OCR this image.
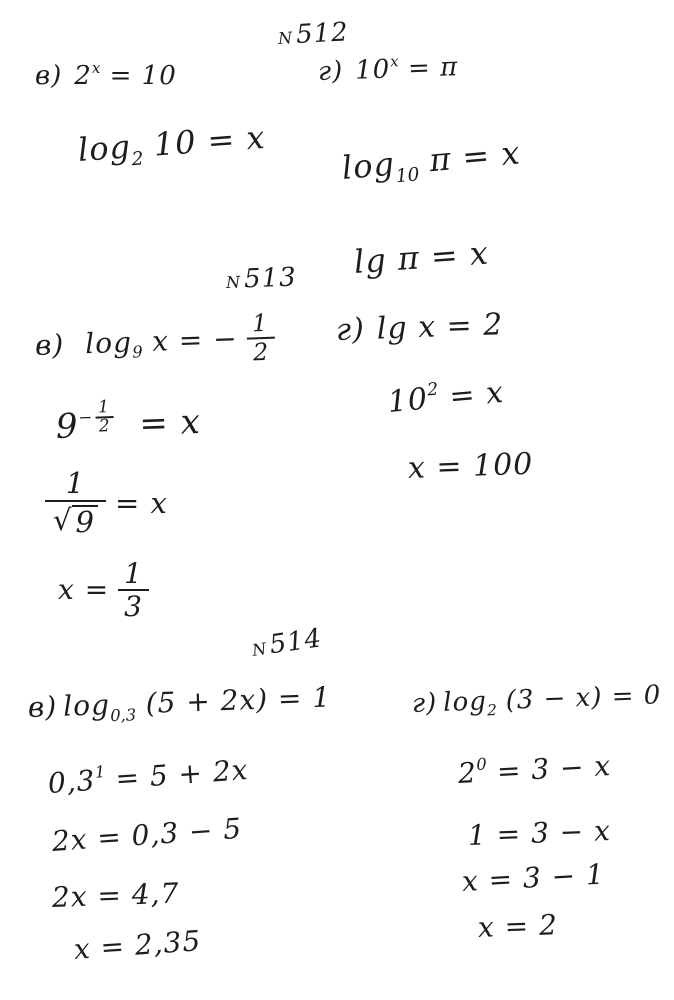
N512
в) $2^x = 10$
$\log_2 10 = x$
г) $10^x = \pi$
$\log_{10} \pi = x$
lg π = x
N513
в) $\log_9 x$ = − $\frac{1}{2}$
9
− $\frac{1}{2} = x$
$\frac{1}{√ 9} = x$
$x = \frac{1}{3}$
г) lg x = 2
$10^2 = x$
x = 100
N514
в) $\log_{0,3} (5 + 2x) = 1$
$0,3^1 = 5 + 2x$
2x = 0,3 − 5
2x = 4,7
x = 2,35
г) $\log_2 (3 - x) = 0$
$2^0 = 3 - x$
1 = 3 − x
x = 3 − 1
x = 2
